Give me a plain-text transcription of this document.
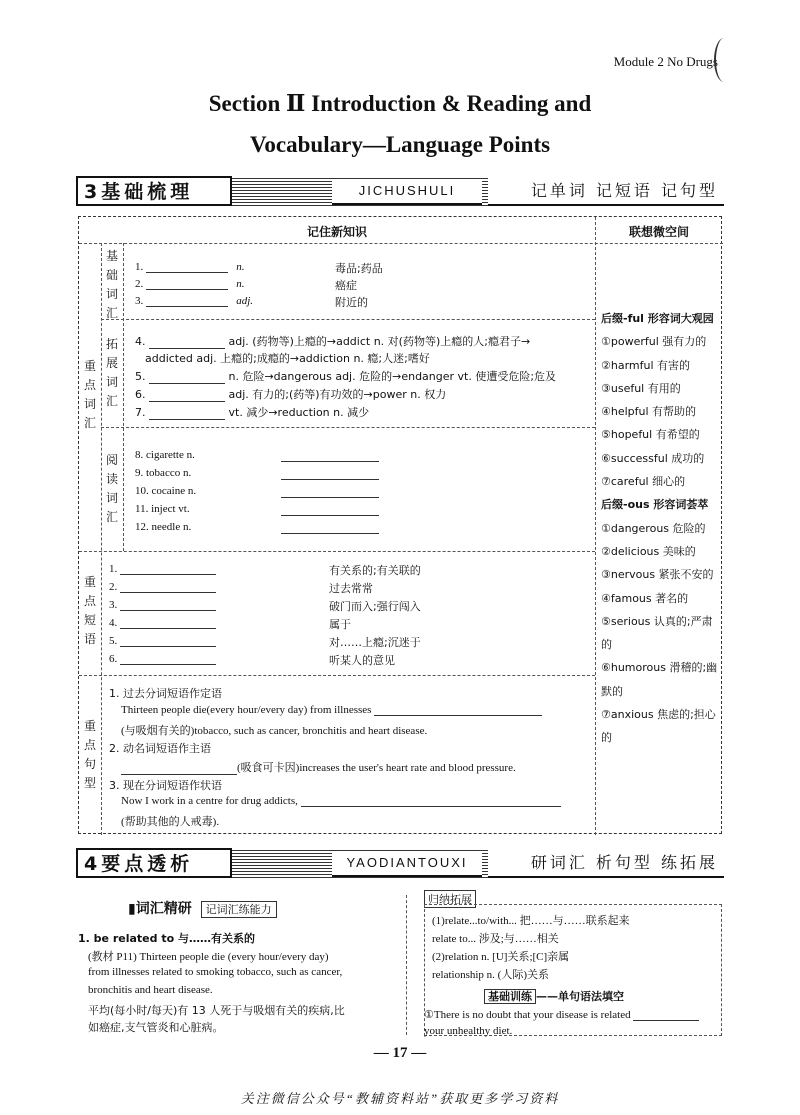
Module 2 No Drugs
Section Ⅱ Introduction & Reading and
Vocabulary—Language Points
3基础梳理	JICHUSHULI	记单词 记短语 记句型
记住新知识	联想微空间
重点词汇
重点短语
重点句型
基础词汇
拓展词汇
阅读词汇
1.	n.	毒品;药品
2.	n.	癌症
3.	adj.	附近的
4.	adj. (药物等)上瘾的→addict n. 对(药物等)上瘾的人;瘾君子→
addicted adj. 上瘾的;成瘾的→addiction n. 瘾;人迷;嗜好
5.	n. 危险→dangerous adj. 危险的→endanger vt. 使遭受危险;危及
6.	adj. 有力的;(药等)有功效的→power n. 权力
7.	vt. 减少→reduction n. 减少
8. cigarette n.
9. tobacco n.
10. cocaine n.
11. inject vt.
12. needle n.
1.	有关系的;有关联的
2.	过去常常
3.	破门而入;强行闯入
4.	属于
5.	对……上瘾;沉迷于
6.	听某人的意见
1. 过去分词短语作定语
Thirteen people die(every hour/every day) from illnesses
(与吸烟有关的)tobacco, such as cancer, bronchitis and heart disease.
2. 动名词短语作主语
(吸食可卡因)increases the user's heart rate and blood pressure.
3. 现在分词短语作状语
Now I work in a centre for drug addicts,
(帮助其他的人戒毒).
后缀-ful 形容词大观园
①powerful 强有力的
②harmful 有害的
③useful 有用的
④helpful 有帮助的
⑤hopeful 有希望的
⑥successful 成功的
⑦careful 细心的
后缀-ous 形容词荟萃
①dangerous 危险的
②delicious 美味的
③nervous 紧张不安的
④famous 著名的
⑤serious 认真的;严肃的
⑥humorous 滑稽的;幽默的
⑦anxious 焦虑的;担心的
4要点透析	YAODIANTOUXI	研词汇 析句型 练拓展
▮词汇精研 记词汇练能力
1. be related to 与……有关系的
(教材 P11) Thirteen people die (every hour/every day)
from illnesses related to smoking tobacco, such as cancer,
bronchitis and heart disease.
平均(每小时/每天)有 13 人死于与吸烟有关的疾病,比
如癌症,支气管炎和心脏病。
归纳拓展
(1)relate...to/with... 把……与……联系起来
relate to... 涉及;与……相关
(2)relation n. [U]关系;[C]亲属
relationship n. (人际)关系
基础训练 ——单句语法填空
①There is no doubt that your disease is related
your unhealthy diet.
— 17 —
关注微信公众号“教辅资料站”获取更多学习资料
